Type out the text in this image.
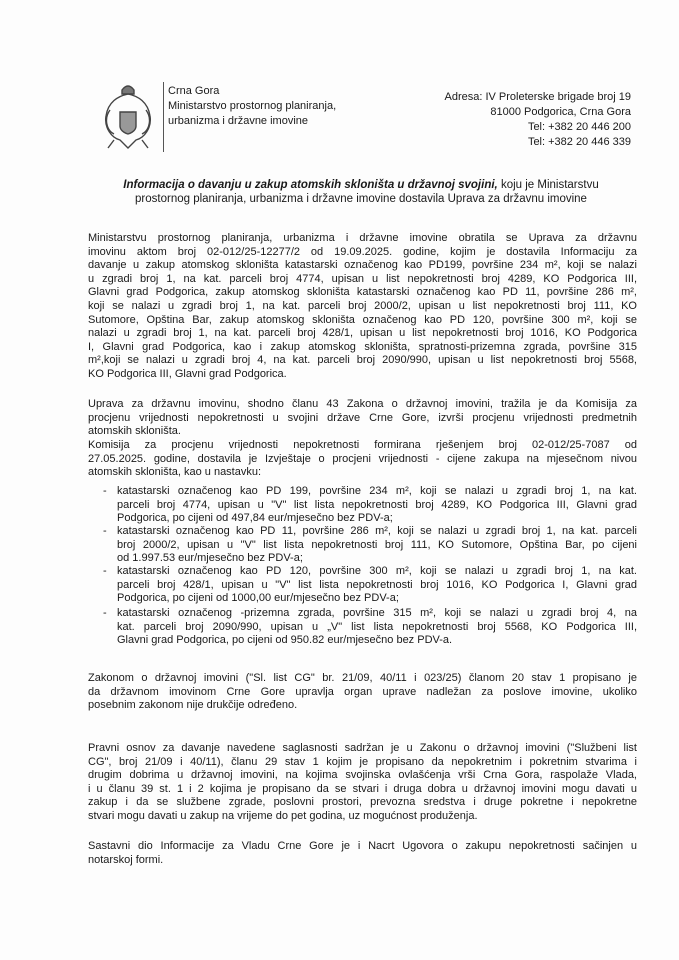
Crna Gora
Ministarstvo prostornog planiranja,
urbanizma i državne imovine
Adresa: IV Proleterske brigade broj 19
81000 Podgorica, Crna Gora
Tel: +382 20 446 200
Tel: +382 20 446 339
Informacija o davanju u zakup atomskih skloništa u državnoj svojini, koju je Ministarstvu
prostornog planiranja, urbanizma i državne imovine dostavila Uprava za državnu imovine
Ministarstvu prostornog planiranja, urbanizma i državne imovine obratila se Uprava za državnu
imovinu aktom broj 02-012/25-12277/2 od 19.09.2025. godine, kojim je dostavila Informaciju za
davanje u zakup atomskog skloništa katastarski označenog kao PD199, površine 234 m², koji se nalazi
u zgradi broj 1, na kat. parceli broj 4774, upisan u list nepokretnosti broj 4289, KO Podgorica III,
Glavni grad Podgorica, zakup atomskog skloništa katastarski označenog kao PD 11, površine 286 m²,
koji se nalazi u zgradi broj 1, na kat. parceli broj 2000/2, upisan u list nepokretnosti broj 111, KO
Sutomore, Opština Bar, zakup atomskog skloništa označenog kao PD 120, površine 300 m², koji se
nalazi u zgradi broj 1, na kat. parceli broj 428/1, upisan u list nepokretnosti broj 1016, KO Podgorica
I, Glavni grad Podgorica, kao i zakup atomskog skloništa, spratnosti-prizemna zgrada, površine 315
m²,koji se nalazi u zgradi broj 4, na kat. parceli broj 2090/990, upisan u list nepokretnosti broj 5568,
KO Podgorica III, Glavni grad Podgorica.
Uprava za državnu imovinu, shodno članu 43 Zakona o državnoj imovini, tražila je da Komisija za
procjenu vrijednosti nepokretnosti u svojini države Crne Gore, izvrši procjenu vrijednosti predmetnih
atomskih skloništa.
Komisija za procjenu vrijednosti nepokretnosti formirana rješenjem broj 02-012/25-7087 od
27.05.2025. godine, dostavila je Izvještaje o procjeni vrijednosti - cijene zakupa na mjesečnom nivou
atomskih skloništa, kao u nastavku:
- katastarski označenog kao PD 199, površine 234 m², koji se nalazi u zgradi broj 1, na kat.
parceli broj 4774, upisan u "V" list lista nepokretnosti broj 4289, KO Podgorica III, Glavni grad
Podgorica, po cijeni od 497,84 eur/mjesečno bez PDV-a;
- katastarski označenog kao PD 11, površine 286 m², koji se nalazi u zgradi broj 1, na kat. parceli
broj 2000/2, upisan u "V" list lista nepokretnosti broj 111, KO Sutomore, Opština Bar, po cijeni
od 1.997.53 eur/mjesečno bez PDV-a;
- katastarski označenog kao PD 120, površine 300 m², koji se nalazi u zgradi broj 1, na kat.
parceli broj 428/1, upisan u "V" list lista nepokretnosti broj 1016, KO Podgorica I, Glavni grad
Podgorica, po cijeni od 1000,00 eur/mjesečno bez PDV-a;
- katastarski označenog -prizemna zgrada, površine 315 m², koji se nalazi u zgradi broj 4, na
kat. parceli broj 2090/990, upisan u „V" list lista nepokretnosti broj 5568, KO Podgorica III,
Glavni grad Podgorica, po cijeni od 950.82 eur/mjesečno bez PDV-a.
Zakonom o državnoj imovini ("Sl. list CG" br. 21/09, 40/11 i 023/25) članom 20 stav 1 propisano je
da državnom imovinom Crne Gore upravlja organ uprave nadležan za poslove imovine, ukoliko
posebnim zakonom nije drukčije određeno.
Pravni osnov za davanje navedene saglasnosti sadržan je u Zakonu o državnoj imovini ("Službeni list
CG", broj 21/09 i 40/11), članu 29 stav 1 kojim je propisano da nepokretnim i pokretnim stvarima i
drugim dobrima u državnoj imovini, na kojima svojinska ovlašćenja vrši Crna Gora, raspolaže Vlada,
i u članu 39 st. 1 i 2 kojima je propisano da se stvari i druga dobra u državnoj imovini mogu davati u
zakup i da se službene zgrade, poslovni prostori, prevozna sredstva i druge pokretne i nepokretne
stvari mogu davati u zakup na vrijeme do pet godina, uz mogućnost produženja.
Sastavni dio Informacije za Vladu Crne Gore je i Nacrt Ugovora o zakupu nepokretnosti sačinjen u
notarskoj formi.
